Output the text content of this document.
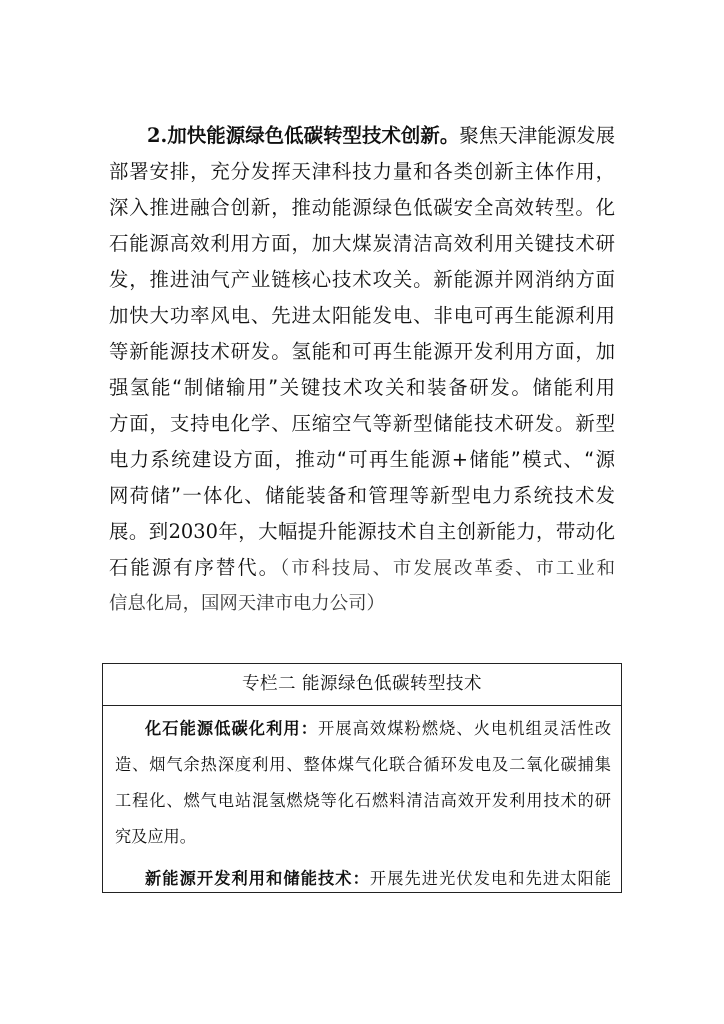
2.加快能源绿色低碳转型技术创新。聚焦天津能源发展
部署安排，充分发挥天津科技力量和各类创新主体作用，
深入推进融合创新，推动能源绿色低碳安全高效转型。化
石能源高效利用方面，加大煤炭清洁高效利用关键技术研
发，推进油气产业链核心技术攻关。新能源并网消纳方面
加快大功率风电、先进太阳能发电、非电可再生能源利用
等新能源技术研发。氢能和可再生能源开发利用方面，加
强氢能“制储输用”关键技术攻关和装备研发。储能利用
方面，支持电化学、压缩空气等新型储能技术研发。新型
电力系统建设方面，推动“可再生能源+储能”模式、“源
网荷储”一体化、储能装备和管理等新型电力系统技术发
展。到2030年，大幅提升能源技术自主创新能力，带动化
石能源有序替代。（市科技局、市发展改革委、市工业和
信息化局，国网天津市电力公司）
专栏二 能源绿色低碳转型技术
化石能源低碳化利用：开展高效煤粉燃烧、火电机组灵活性改
造、烟气余热深度利用、整体煤气化联合循环发电及二氧化碳捕集
工程化、燃气电站混氢燃烧等化石燃料清洁高效开发利用技术的研
究及应用。
新能源开发利用和储能技术：开展先进光伏发电和先进太阳能
